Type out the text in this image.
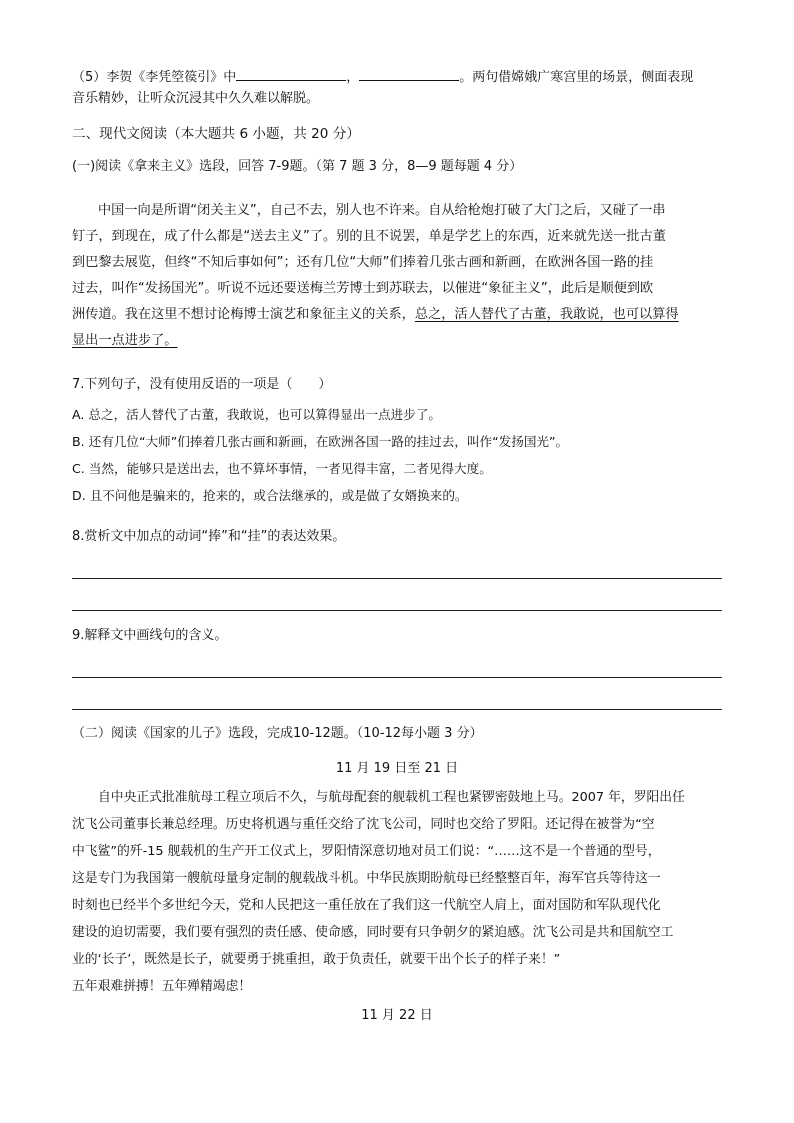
（5）李贺《李凭箜篌引》中	，	。两句借嫦娥广寒宫里的场景，侧面表现
音乐精妙，让听众沉浸其中久久难以解脱。
二、现代文阅读（本大题共 6 小题，共 20 分）
(一)阅读《拿来主义》选段，回答 7-9题。（第 7 题 3 分，8—9 题每题 4 分）
中国一向是所谓“闭关主义”，自己不去，别人也不许来。自从给枪炮打破了大门之后，又碰了一串
钉子，到现在，成了什么都是“送去主义”了。别的且不说罢，单是学艺上的东西，近来就先送一批古董
到巴黎去展览，但终“不知后事如何”；还有几位“大师”们捧着几张古画和新画，在欧洲各国一路的挂
过去，叫作“发扬国光”。听说不远还要送梅兰芳博士到苏联去，以催进“象征主义”，此后是顺便到欧
洲传道。我在这里不想讨论梅博士演艺和象征主义的关系，总之，活人替代了古董，我敢说，也可以算得
显出一点进步了。
7.下列句子，没有使用反语的一项是（　　）
A. 总之，活人替代了古董，我敢说，也可以算得显出一点进步了。
B. 还有几位“大师”们捧着几张古画和新画，在欧洲各国一路的挂过去，叫作“发扬国光”。
C. 当然，能够只是送出去，也不算坏事情，一者见得丰富，二者见得大度。
D. 且不问他是骗来的，抢来的，或合法继承的，或是做了女婿换来的。
8.赏析文中加点的动词“捧”和“挂”的表达效果。
9.解释文中画线句的含义。
（二）阅读《国家的儿子》选段，完成10-12题。（10-12每小题 3 分）
11 月 19 日至 21 日
自中央正式批准航母工程立项后不久，与航母配套的舰载机工程也紧锣密鼓地上马。2007 年，罗阳出任
沈飞公司董事长兼总经理。历史将机遇与重任交给了沈飞公司，同时也交给了罗阳。还记得在被誉为“空
中飞鲨”的歼-15 舰载机的生产开工仪式上，罗阳情深意切地对员工们说：“……这不是一个普通的型号，
这是专门为我国第一艘航母量身定制的舰载战斗机。中华民族期盼航母已经整整百年，海军官兵等待这一
时刻也已经半个多世纪今天，党和人民把这一重任放在了我们这一代航空人肩上，面对国防和军队现代化
建设的迫切需要，我们要有强烈的责任感、使命感，同时要有只争朝夕的紧迫感。沈飞公司是共和国航空工
业的‘长子’，既然是长子，就要勇于挑重担，敢于负责任，就要干出个长子的样子来！”
五年艰难拼搏！五年殚精竭虑！
11 月 22 日
